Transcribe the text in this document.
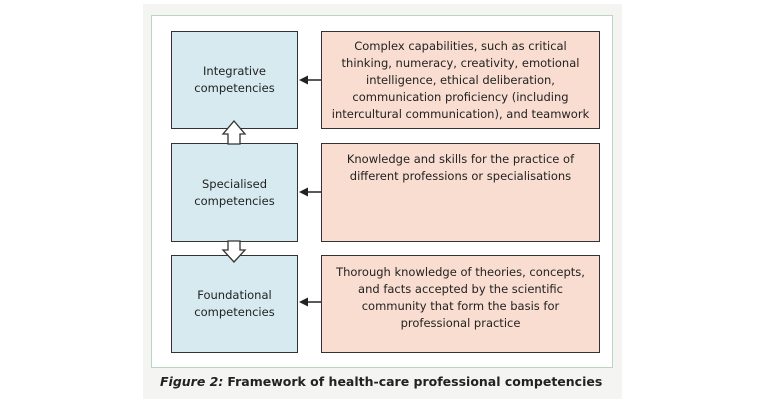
Integrative competencies
Specialised competencies
Foundational competencies
Complex capabilities, such as critical thinking, numeracy, creativity, emotional intelligence, ethical deliberation, communication proficiency (including intercultural communication), and teamwork
Knowledge and skills for the practice of different professions or specialisations
Thorough knowledge of theories, concepts, and facts accepted by the scientific community that form the basis for professional practice
Figure 2: Framework of health-care professional competencies
